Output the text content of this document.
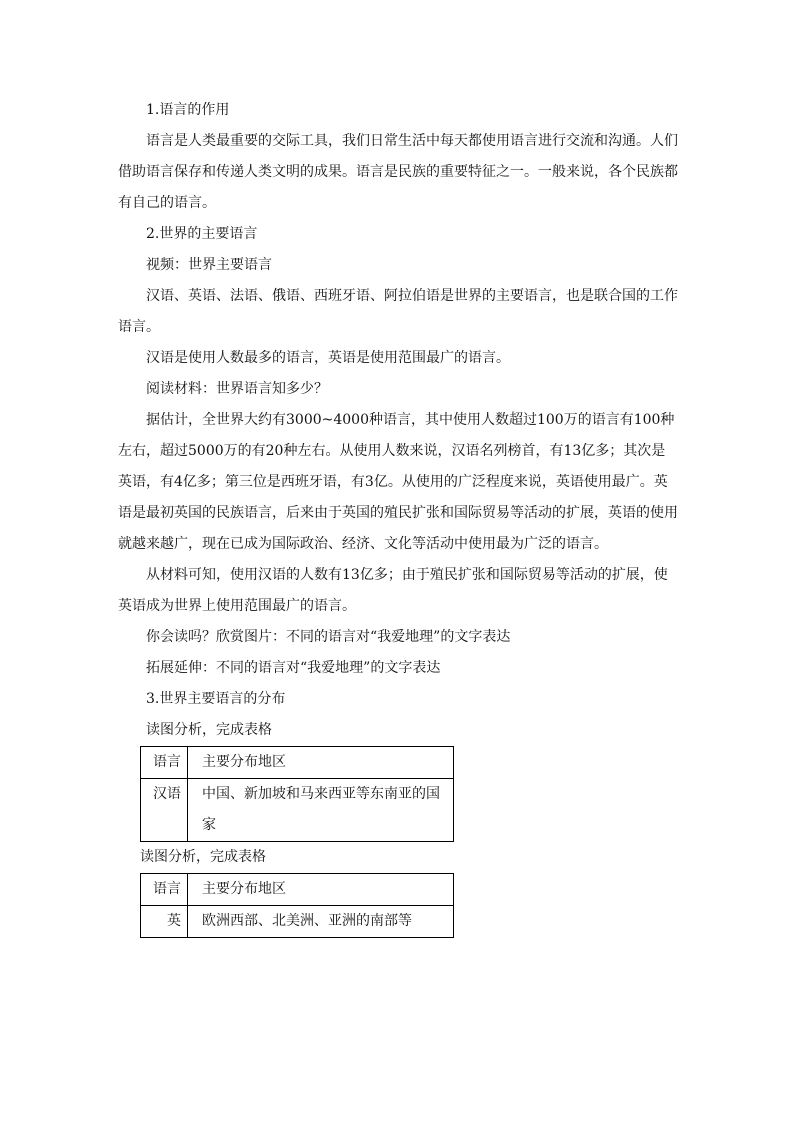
1.语言的作用

语言是人类最重要的交际工具，我们日常生活中每天都使用语言进行交流和沟通。人们借助语言保存和传递人类文明的成果。语言是民族的重要特征之一。一般来说，各个民族都有自己的语言。

2.世界的主要语言

视频：世界主要语言

汉语、英语、法语、俄语、西班牙语、阿拉伯语是世界的主要语言，也是联合国的工作语言。

汉语是使用人数最多的语言，英语是使用范围最广的语言。

阅读材料：世界语言知多少？

据估计，全世界大约有3000~4000种语言，其中使用人数超过100万的语言有100种左右，超过5000万的有20种左右。从使用人数来说，汉语名列榜首，有13亿多；其次是英语，有4亿多；第三位是西班牙语，有3亿。从使用的广泛程度来说，英语使用最广。英语是最初英国的民族语言，后来由于英国的殖民扩张和国际贸易等活动的扩展，英语的使用就越来越广，现在已成为国际政治、经济、文化等活动中使用最为广泛的语言。

从材料可知，使用汉语的人数有13亿多；由于殖民扩张和国际贸易等活动的扩展，使英语成为世界上使用范围最广的语言。

你会读吗？欣赏图片：不同的语言对“我爱地理”的文字表达

拓展延伸：不同的语言对“我爱地理”的文字表达

3.世界主要语言的分布

读图分析，完成表格

语言	主要分布地区
汉语	中国、新加坡和马来西亚等东南亚的国家

读图分析，完成表格

语言	主要分布地区
英	欧洲西部、北美洲、亚洲的南部等
